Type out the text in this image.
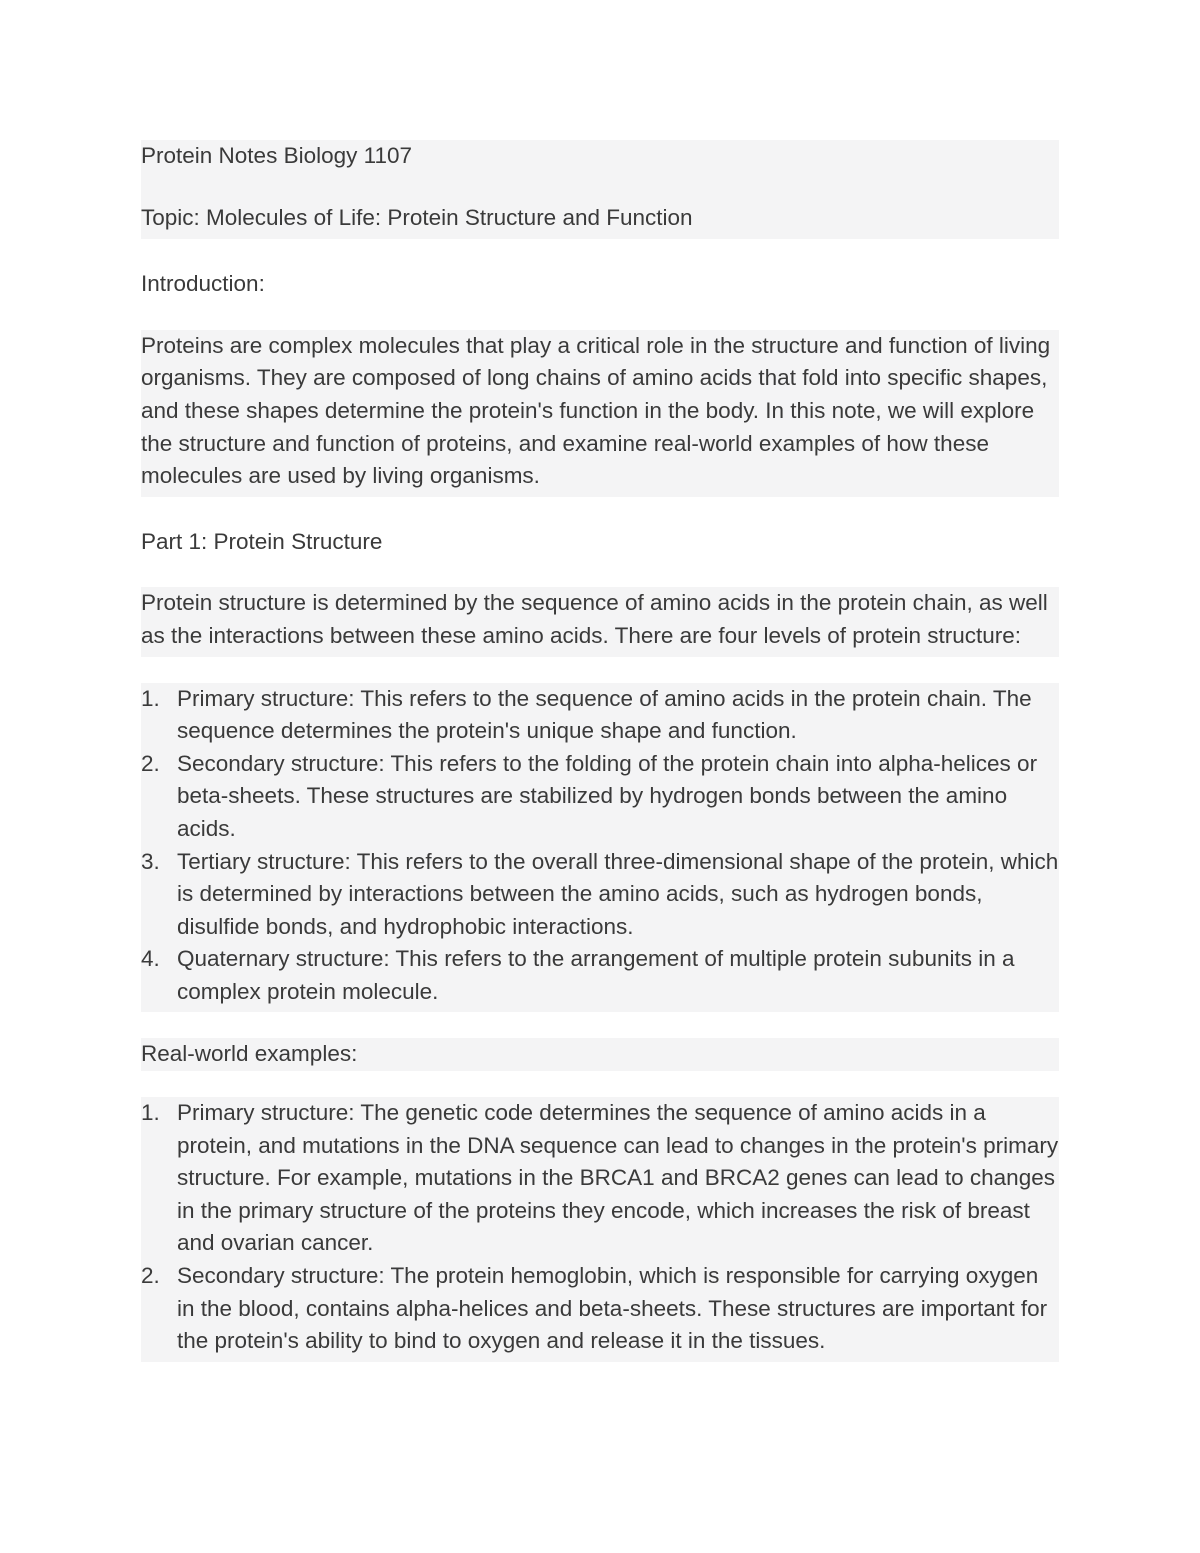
Protein Notes Biology 1107

Topic: Molecules of Life: Protein Structure and Function

Introduction:

Proteins are complex molecules that play a critical role in the structure and function of living organisms. They are composed of long chains of amino acids that fold into specific shapes, and these shapes determine the protein's function in the body. In this note, we will explore the structure and function of proteins, and examine real-world examples of how these molecules are used by living organisms.

Part 1: Protein Structure

Protein structure is determined by the sequence of amino acids in the protein chain, as well as the interactions between these amino acids. There are four levels of protein structure:

1. Primary structure: This refers to the sequence of amino acids in the protein chain. The sequence determines the protein's unique shape and function.
2. Secondary structure: This refers to the folding of the protein chain into alpha-helices or beta-sheets. These structures are stabilized by hydrogen bonds between the amino acids.
3. Tertiary structure: This refers to the overall three-dimensional shape of the protein, which is determined by interactions between the amino acids, such as hydrogen bonds, disulfide bonds, and hydrophobic interactions.
4. Quaternary structure: This refers to the arrangement of multiple protein subunits in a complex protein molecule.

Real-world examples:

1. Primary structure: The genetic code determines the sequence of amino acids in a protein, and mutations in the DNA sequence can lead to changes in the protein's primary structure. For example, mutations in the BRCA1 and BRCA2 genes can lead to changes in the primary structure of the proteins they encode, which increases the risk of breast and ovarian cancer.
2. Secondary structure: The protein hemoglobin, which is responsible for carrying oxygen in the blood, contains alpha-helices and beta-sheets. These structures are important for the protein's ability to bind to oxygen and release it in the tissues.
